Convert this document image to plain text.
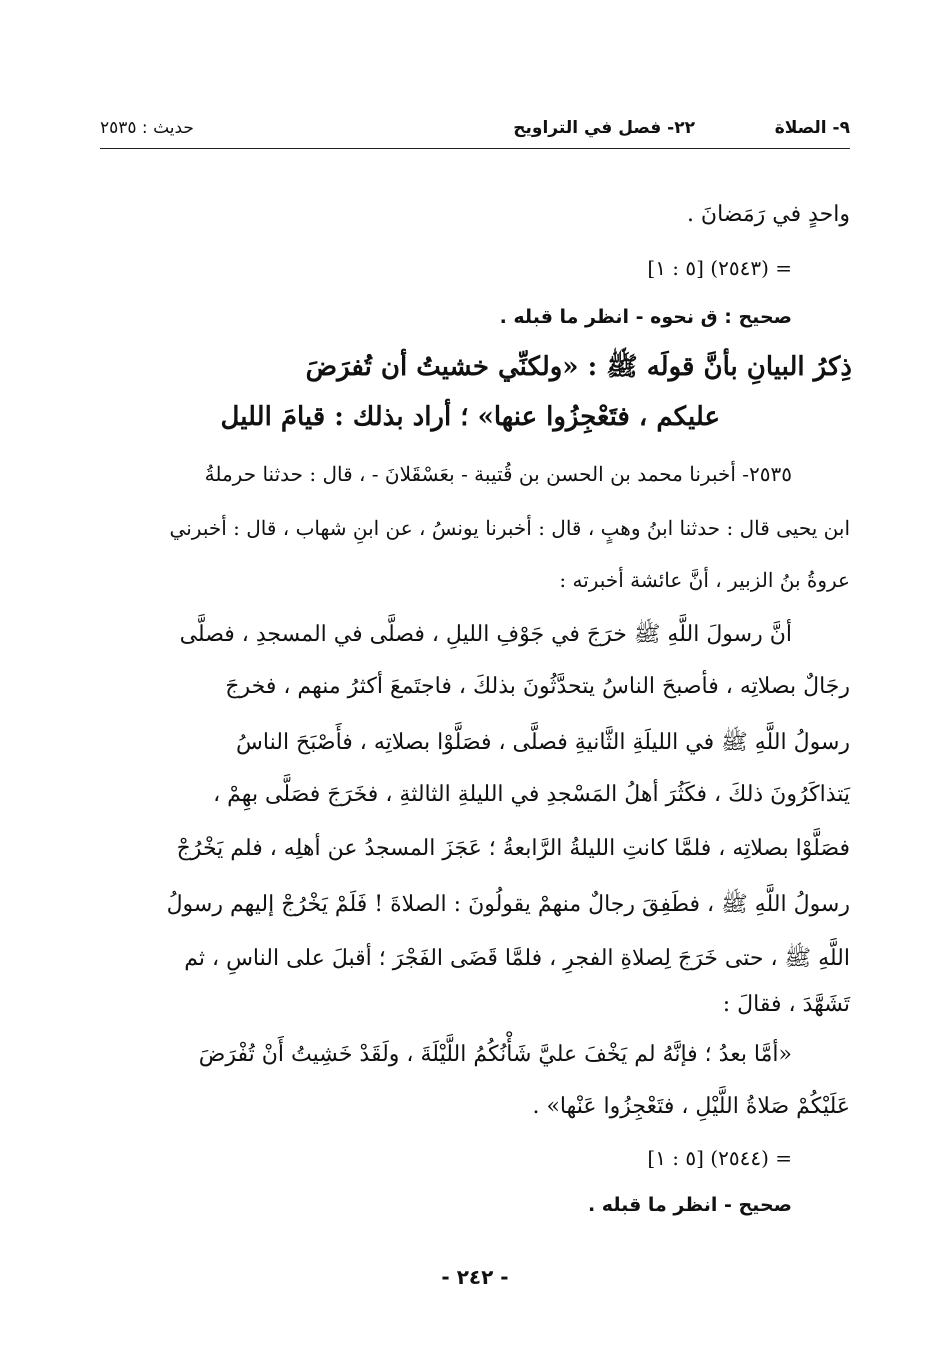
٩- الصلاة
٢٢- فصل في التراويح
حديث : ٢٥٣٥
واحدٍ في رَمَضانَ .
= (٢٥٤٣) [٥ : ١]
صحيح : ق نحوه - انظر ما قبله .
ذِكرُ البيانِ بأنَّ قولَه ﷺ : «ولكنِّي خشيتُ أن تُفرَضَ
عليكم ، فتَعْجِزُوا عنها» ؛ أراد بذلك : قيامَ الليل
٢٥٣٥- أخبرنا محمد بن الحسن بن قُتيبة - بعَسْقَلانَ - ، قال : حدثنا حرملةُ
ابن يحيى قال : حدثنا ابنُ وهبٍ ، قال : أخبرنا يونسُ ، عن ابنِ شهاب ، قال : أخبرني
عروةُ بنُ الزبير ، أنَّ عائشة أخبرته :
أنَّ رسولَ اللَّهِ ﷺ خرَجَ في جَوْفِ الليلِ ، فصلَّى في المسجدِ ، فصلَّى
رجَالٌ بصلاتِه ، فأصبحَ الناسُ يتحدَّثُونَ بذلكَ ، فاجتَمعَ أكثرُ منهم ، فخرجَ
رسولُ اللَّهِ ﷺ في الليلَةِ الثَّانيةِ فصلَّى ، فصَلَّوْا بصلاتِه ، فأَصْبَحَ الناسُ
يَتذاكَرُونَ ذلكَ ، فكَثُرَ أهلُ المَسْجدِ في الليلةِ الثالثةِ ، فخَرَجَ فصَلَّى بهِمْ ،
فصَلَّوْا بصلاتِه ، فلمَّا كانتِ الليلةُ الرَّابعةُ ؛ عَجَزَ المسجدُ عن أهلِه ، فلم يَخْرُجْ
رسولُ اللَّهِ ﷺ ، فطَفِقَ رجالٌ منهمْ يقولُونَ : الصلاةَ ! فَلَمْ يَخْرُجْ إليهم رسولُ
اللَّهِ ﷺ ، حتى خَرَجَ لِصلاةِ الفجرِ ، فلمَّا قَضَى الفَجْرَ ؛ أقبلَ على الناسِ ، ثم
تَشَهَّدَ ، فقالَ :
«أمَّا بعدُ ؛ فإنَّهُ لم يَخْفَ عليَّ شَأْنُكُمُ اللَّيْلَةَ ، ولَقَدْ خَشِيتُ أَنْ تُفْرَضَ
عَلَيْكُمْ صَلاةُ اللَّيْلِ ، فتَعْجِزُوا عَنْها» .
= (٢٥٤٤) [٥ : ١]
صحيح - انظر ما قبله .
- ٢٤٢ -
